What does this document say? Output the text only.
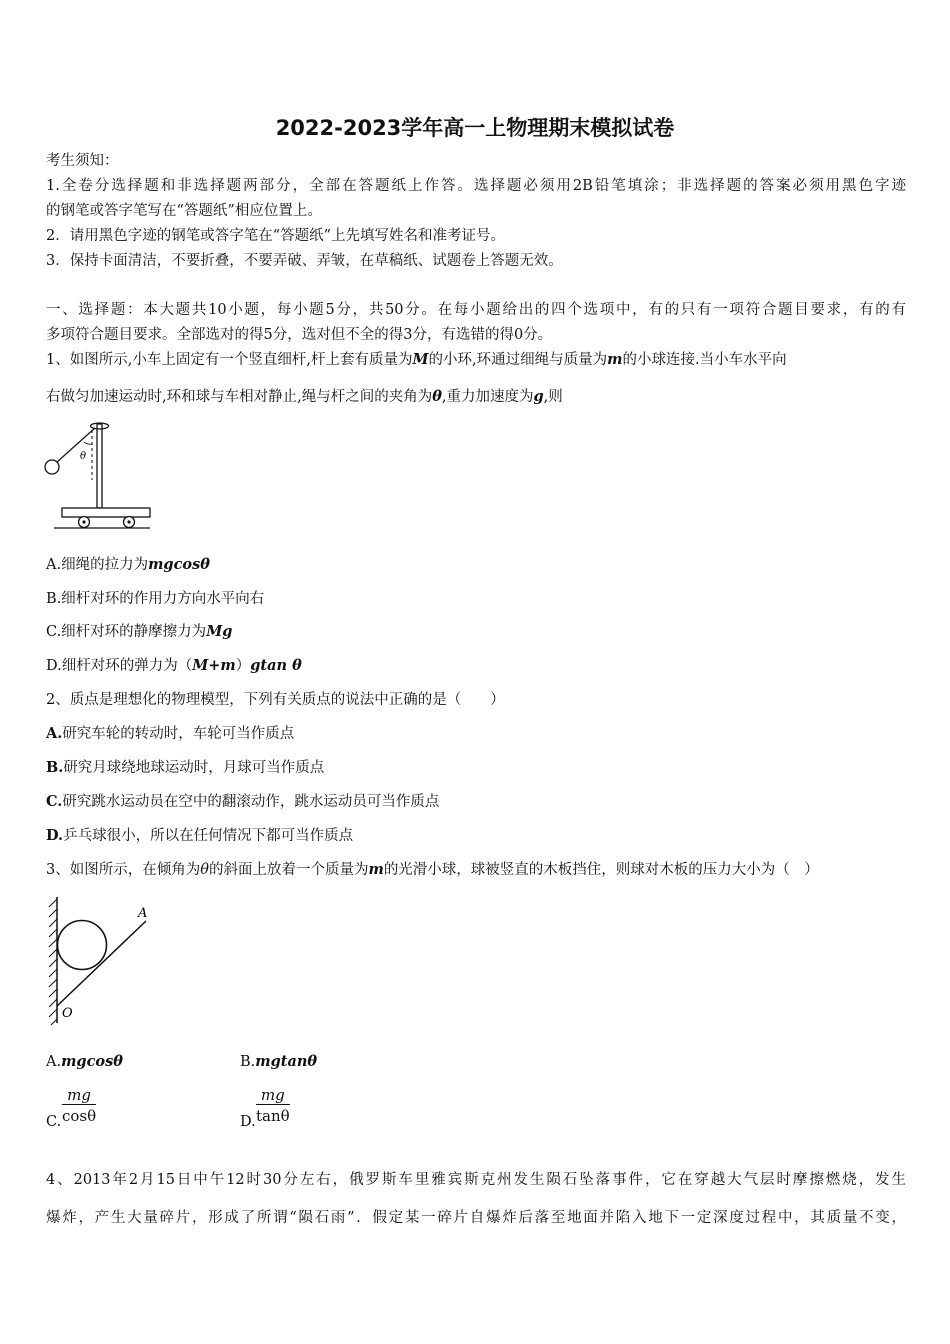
2022-2023学年高一上物理期末模拟试卷
考生须知：
1.全卷分选择题和非选择题两部分，全部在答题纸上作答。选择题必须用2B铅笔填涂；非选择题的答案必须用黑色字迹
的钢笔或答字笔写在“答题纸”相应位置上。
2．请用黑色字迹的钢笔或答字笔在“答题纸”上先填写姓名和准考证号。
3．保持卡面清洁，不要折叠，不要弄破、弄皱，在草稿纸、试题卷上答题无效。
一、选择题：本大题共10小题，每小题5分，共50分。在每小题给出的四个选项中，有的只有一项符合题目要求，有的有
多项符合题目要求。全部选对的得5分，选对但不全的得3分，有选错的得0分。
1、如图所示,小车上固定有一个竖直细杆,杆上套有质量为M的小环,环通过细绳与质量为m的小球连接.当小车水平向
右做匀加速运动时,环和球与车相对静止,绳与杆之间的夹角为θ,重力加速度为g,则
θ
A.细绳的拉力为mgcosθ
B.细杆对环的作用力方向水平向右
C.细杆对环的静摩擦力为Mg
D.细杆对环的弹力为（M+m）gtan θ
2、质点是理想化的物理模型，下列有关质点的说法中正确的是（　　）
A.研究车轮的转动时，车轮可当作质点
B.研究月球绕地球运动时，月球可当作质点
C.研究跳水运动员在空中的翻滚动作，跳水运动员可当作质点
D.乒乓球很小，所以在任何情况下都可当作质点
3、如图所示，在倾角为θ的斜面上放着一个质量为m的光滑小球，球被竖直的木板挡住，则球对木板的压力大小为（　）
A
O
A.mgcosθ	B.mgtanθ
C. $\frac{mg}{\cos\theta}$	D. $\frac{mg}{\tan\theta}$
4、2013年2月15日中午12时30分左右，俄罗斯车里雅宾斯克州发生陨石坠落事件，它在穿越大气层时摩擦燃烧，发生
爆炸，产生大量碎片，形成了所谓“陨石雨”．假定某一碎片自爆炸后落至地面并陷入地下一定深度过程中，其质量不变，
